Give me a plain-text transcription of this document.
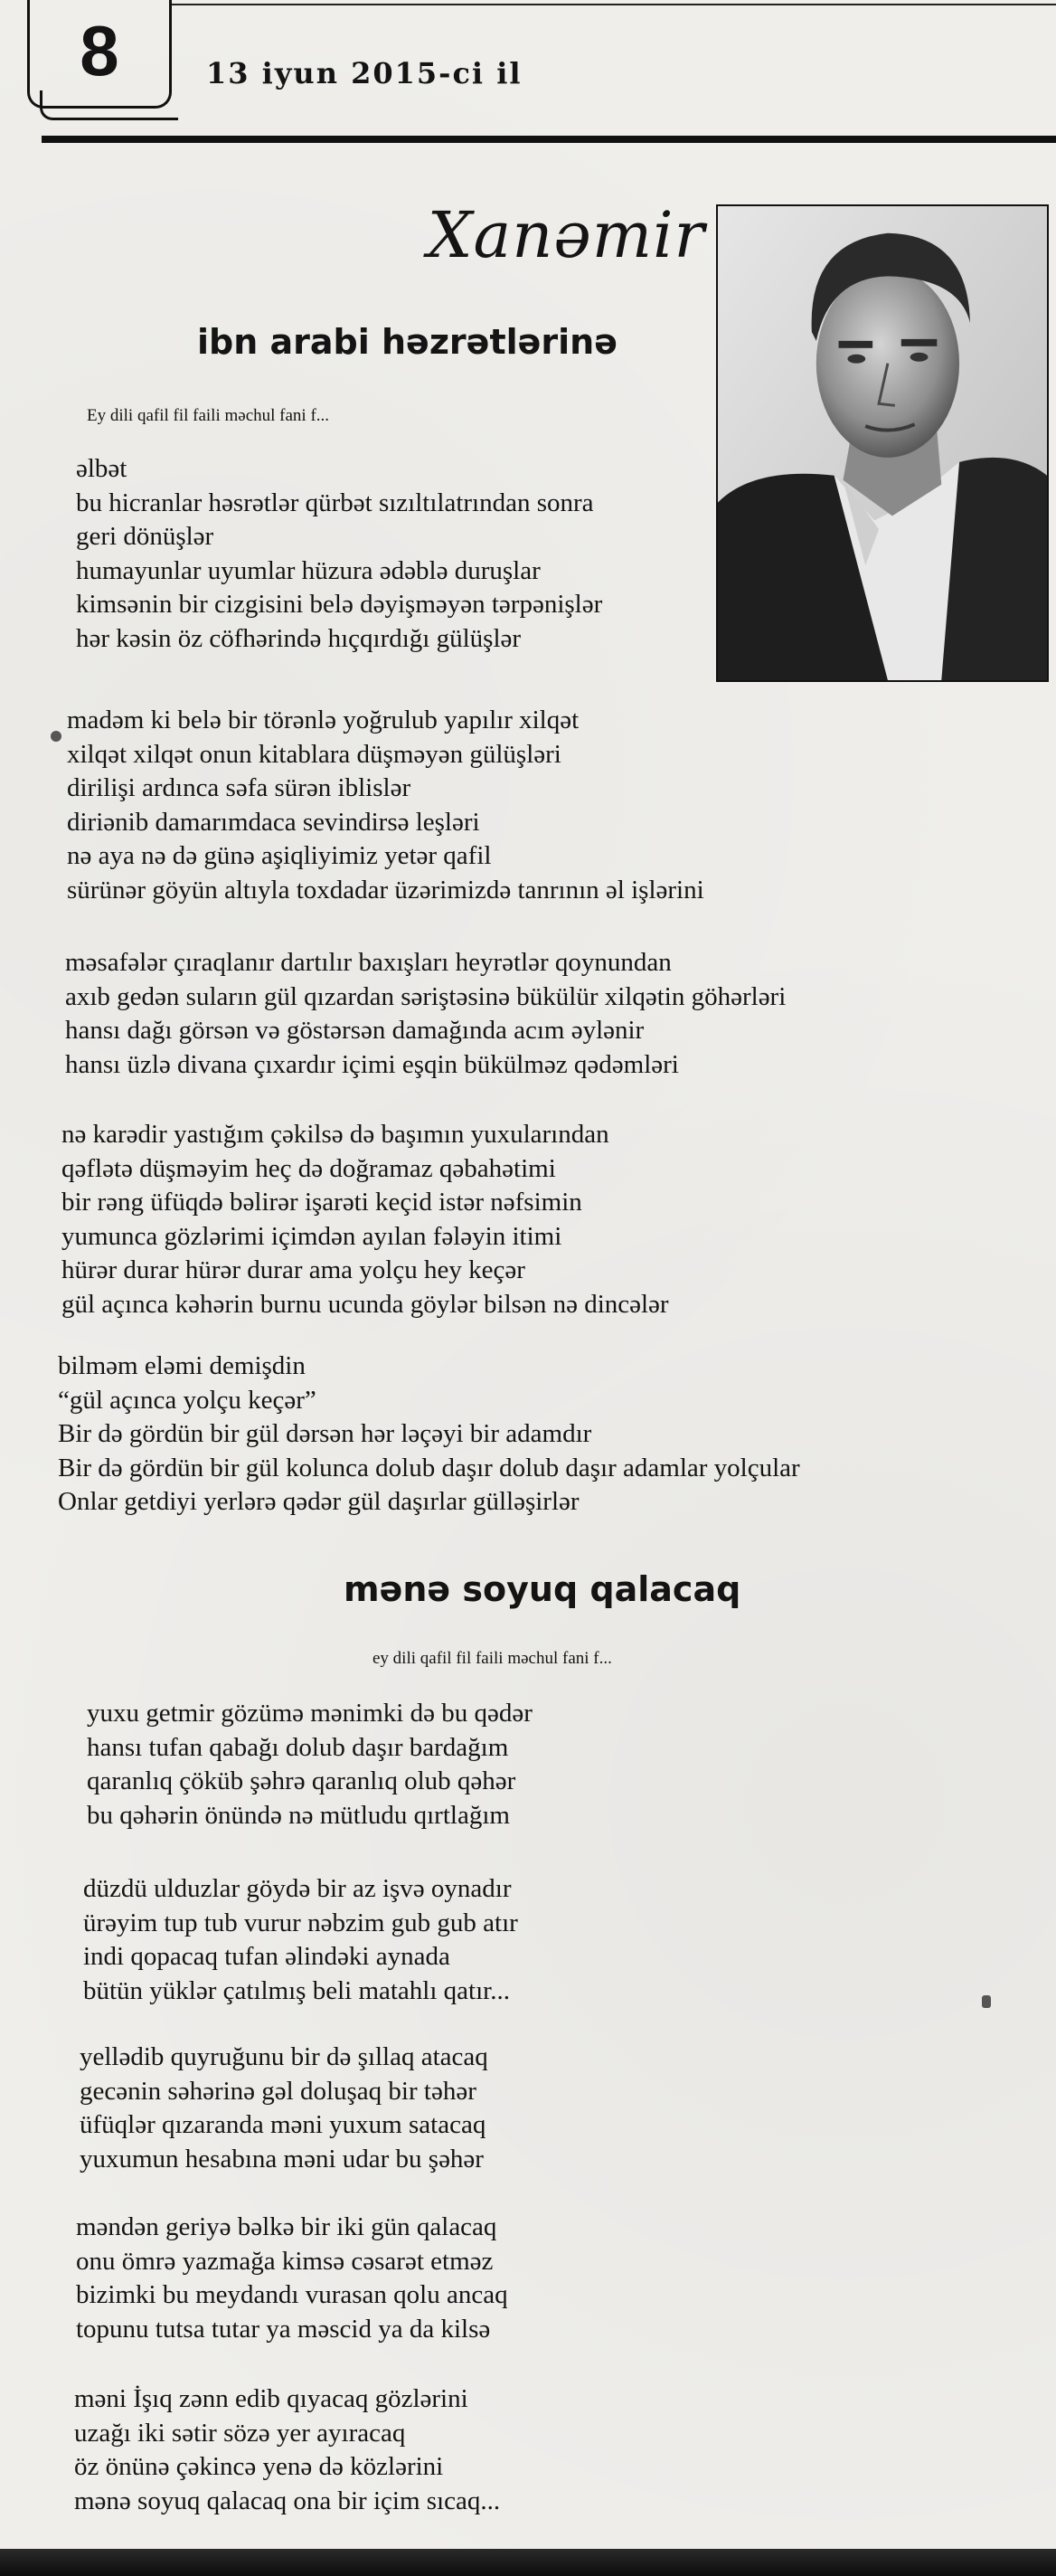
8	13 iyun 2015-ci il
Xanəmir
ibn arabi həzrətlərinə
Ey dili qafil fil faili məchul fani f...
əlbət
bu hicranlar həsrətlər qürbət sızıltılatrından sonra
geri dönüşlər
humayunlar uyumlar hüzura ədəblə duruşlar
kimsənin bir cizgisini belə dəyişməyən tərpənişlər
hər kəsin öz cöfhərində hıçqırdığı gülüşlər
madəm ki belə bir törənlə yoğrulub yapılır xilqət
xilqət xilqət onun kitablara düşməyən gülüşləri
dirilişi ardınca səfa sürən iblislər
diriənib damarımdaca sevindirsə leşləri
nə aya nə də günə aşiqliyimiz yetər qafil
sürünər göyün altıyla toxdadar üzərimizdə tanrının əl işlərini
məsafələr çıraqlanır dartılır baxışları heyrətlər qoynundan
axıb gedən suların gül qızardan səriştəsinə bükülür xilqətin göhərləri
hansı dağı görsən və göstərsən damağında acım əylənir
hansı üzlə divana çıxardır içimi eşqin bükülməz qədəmləri
nə karədir yastığım çəkilsə də başımın yuxularından
qəflətə düşməyim heç də doğramaz qəbahətimi
bir rəng üfüqdə bəlirər işarəti keçid istər nəfsimin
yumunca gözlərimi içimdən ayılan fələyin itimi
hürər durar hürər durar ama yolçu hey keçər
gül açınca kəhərin burnu ucunda göylər bilsən nə dincələr
bilməm eləmi demişdin
“gül açınca yolçu keçər”
Bir də gördün bir gül dərsən hər ləçəyi bir adamdır
Bir də gördün bir gül kolunca dolub daşır dolub daşır adamlar yolçular
Onlar getdiyi yerlərə qədər gül daşırlar gülləşirlər
mənə soyuq qalacaq
ey dili qafil fil faili məchul fani f...
yuxu getmir gözümə mənimki də bu qədər
hansı tufan qabağı dolub daşır bardağım
qaranlıq çöküb şəhrə qaranlıq olub qəhər
bu qəhərin önündə nə mütludu qırtlağım
düzdü ulduzlar göydə bir az işvə oynadır
ürəyim tup tub vurur nəbzim gub gub atır
indi qopacaq tufan əlindəki aynada
bütün yüklər çatılmış beli matahlı qatır...
yellədib quyruğunu bir də şıllaq atacaq
gecənin səhərinə gəl doluşaq bir təhər
üfüqlər qızaranda məni yuxum satacaq
yuxumun hesabına məni udar bu şəhər
məndən geriyə bəlkə bir iki gün qalacaq
onu ömrə yazmağa kimsə cəsarət etməz
bizimki bu meydandı vurasan qolu ancaq
topunu tutsa tutar ya məscid ya da kilsə
məni İşıq zənn edib qıyacaq gözlərini
uzağı iki sətir sözə yer ayıracaq
öz önünə çəkincə yenə də közlərini
mənə soyuq qalacaq ona bir içim sıcaq...
